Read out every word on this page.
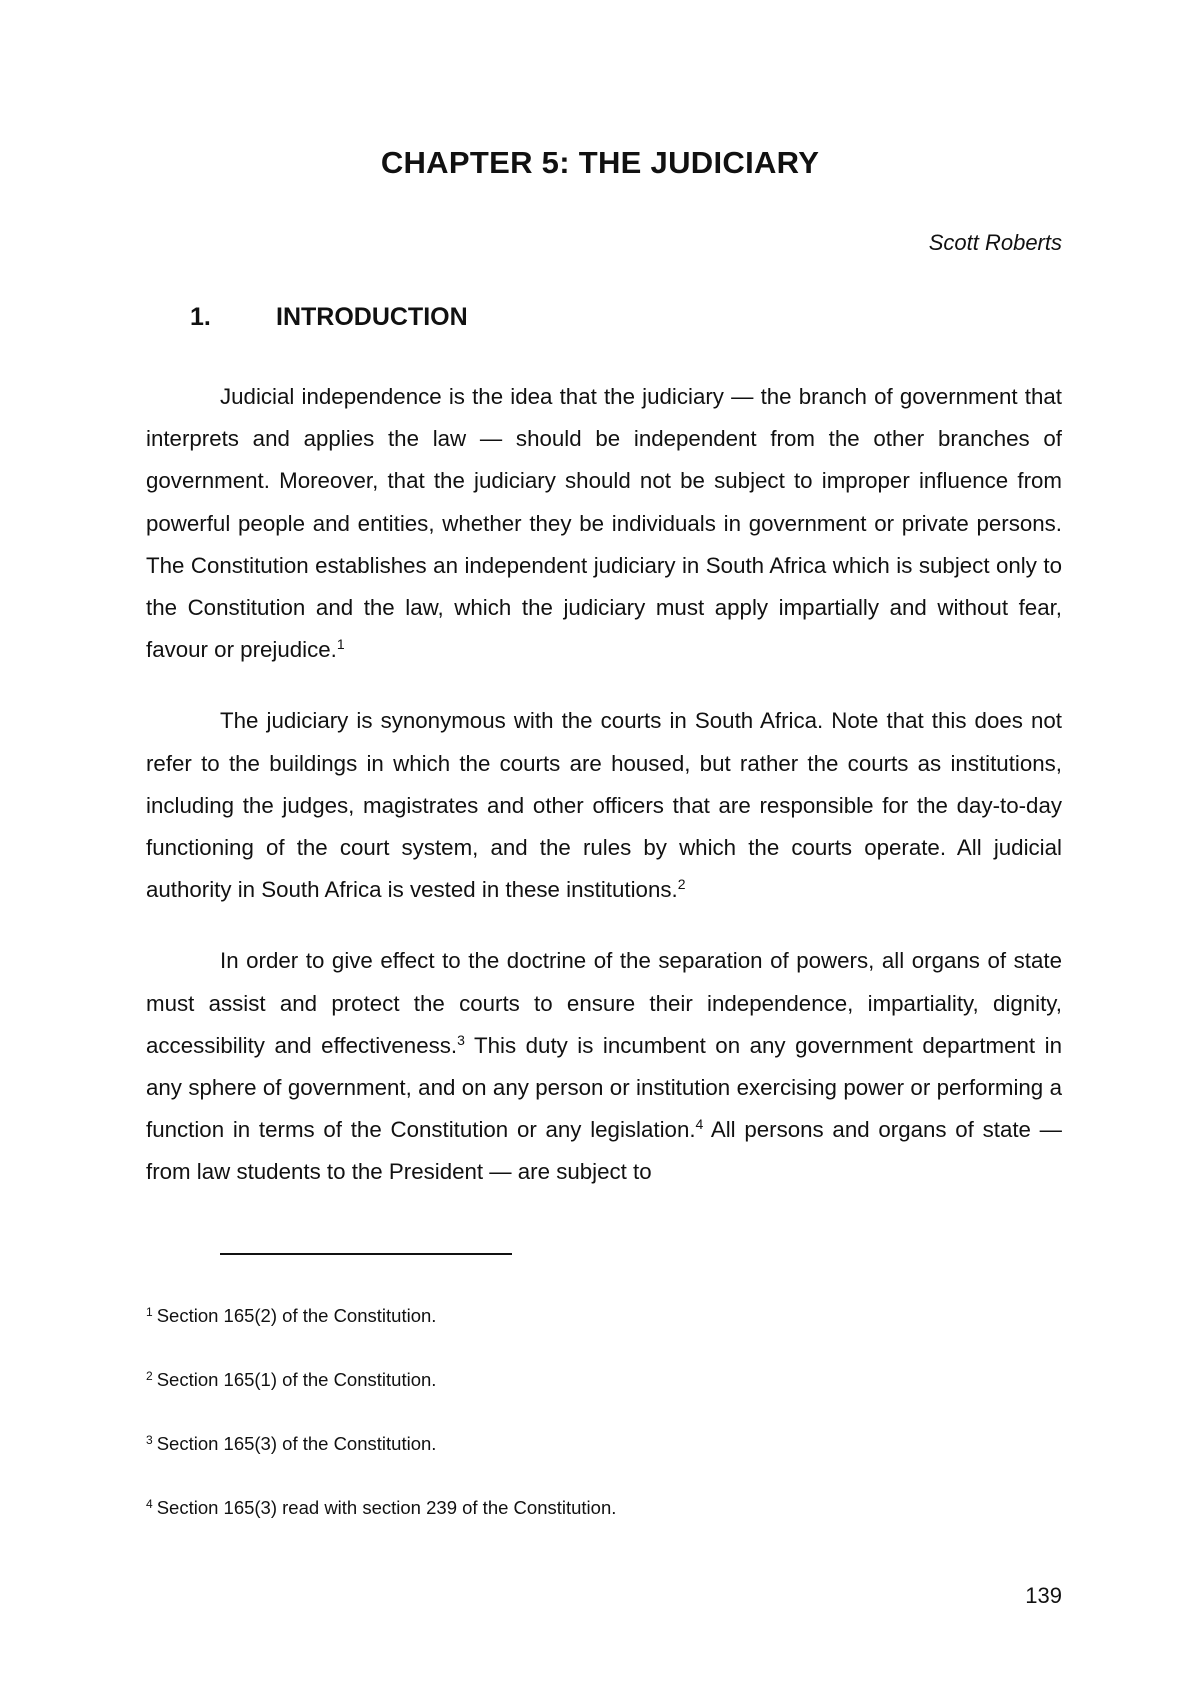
CHAPTER 5: THE JUDICIARY
Scott Roberts
1.	INTRODUCTION

Judicial independence is the idea that the judiciary — the branch of government that interprets and applies the law — should be independent from the other branches of government. Moreover, that the judiciary should not be subject to improper influence from powerful people and entities, whether they be individuals in government or private persons. The Constitution establishes an independent judiciary in South Africa which is subject only to the Constitution and the law, which the judiciary must apply impartially and without fear, favour or prejudice.$^1$

The judiciary is synonymous with the courts in South Africa. Note that this does not refer to the buildings in which the courts are housed, but rather the courts as institutions, including the judges, magistrates and other officers that are responsible for the day-to-day functioning of the court system, and the rules by which the courts operate. All judicial authority in South Africa is vested in these institutions.$^2$

In order to give effect to the doctrine of the separation of powers, all organs of state must assist and protect the courts to ensure their independence, impartiality, dignity, accessibility and effectiveness.$^3$ This duty is incumbent on any government department in any sphere of government, and on any person or institution exercising power or performing a function in terms of the Constitution or any legislation.$^4$ All persons and organs of state — from law students to the President — are subject to

$^1$ Section 165(2) of the Constitution.
$^2$ Section 165(1) of the Constitution.
$^3$ Section 165(3) of the Constitution.
$^4$ Section 165(3) read with section 239 of the Constitution.
139
